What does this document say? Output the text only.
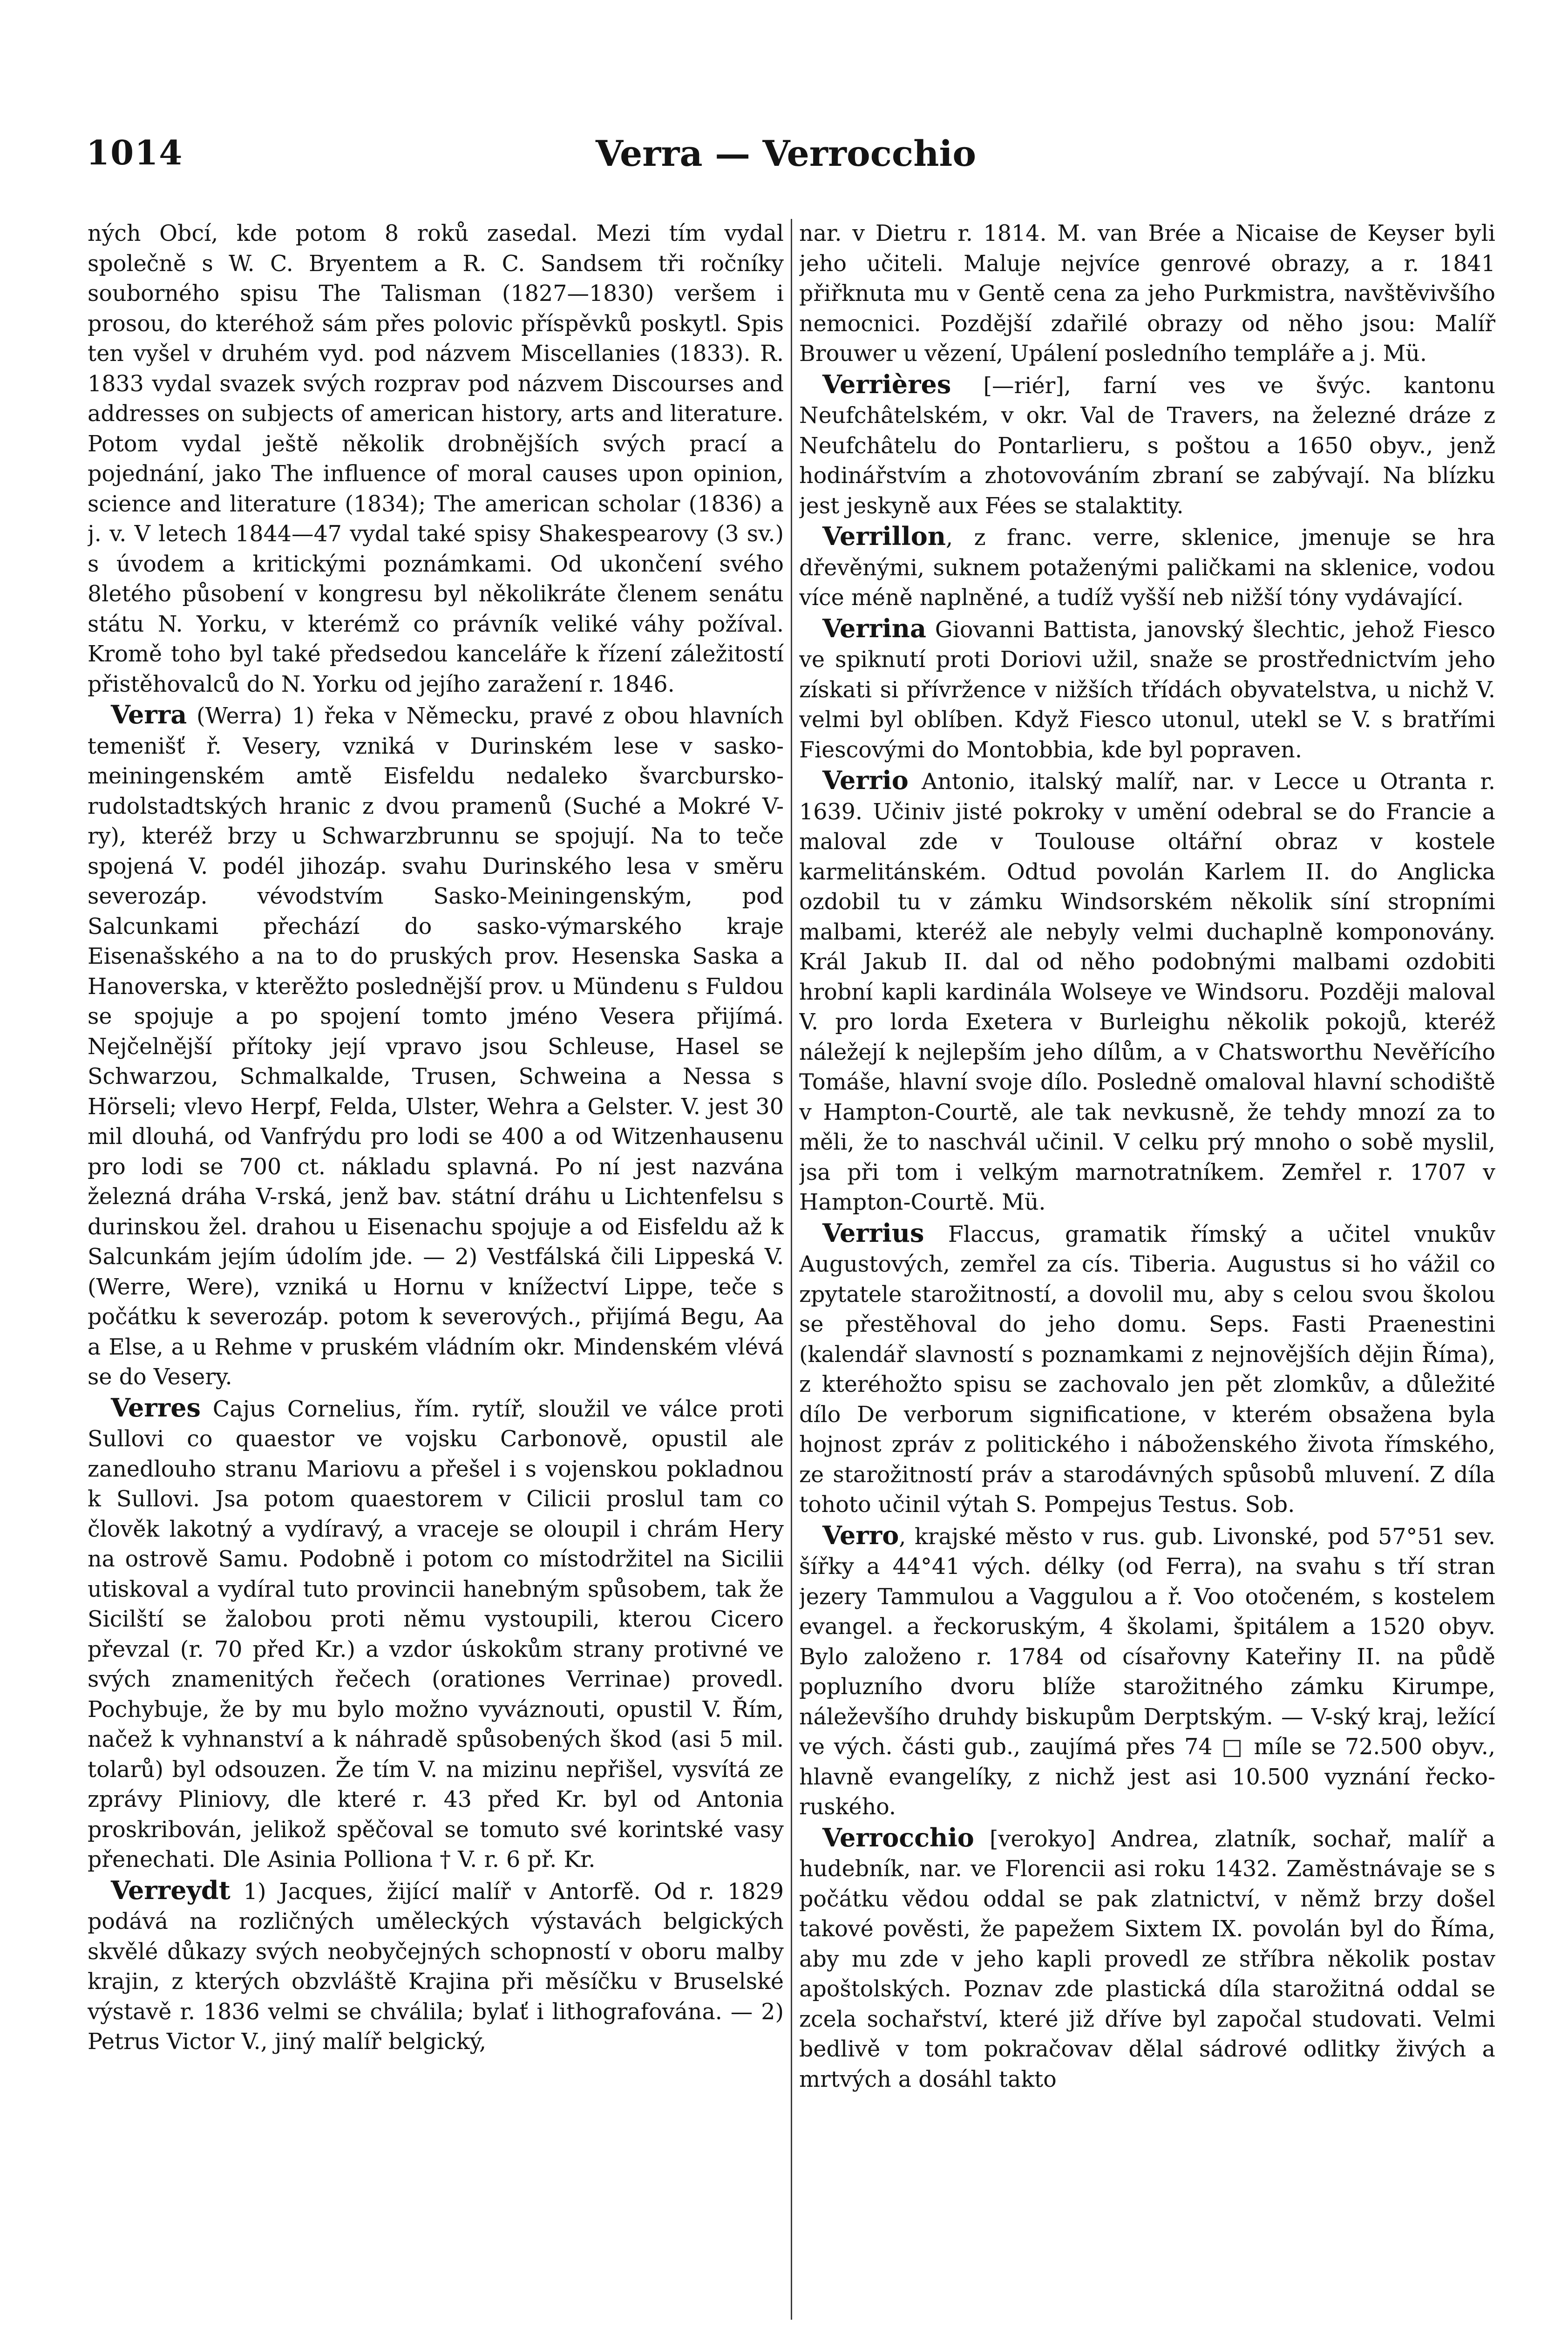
1014	Verra — Verrocchio

ných Obcí, kde potom 8 roků zasedal. Mezi tím vydal společně s W. C. Bryentem a R. C. Sandsem tři ročníky souborného spisu The Talisman (1827—1830) veršem i prosou, do kteréhož sám přes polovic příspěvků poskytl. Spis ten vyšel v druhém vyd. pod názvem Miscellanies (1833). R. 1833 vydal svazek svých rozprav pod názvem Discourses and addresses on subjects of american history, arts and literature. Potom vydal ještě několik drobnějších svých prací a pojednání, jako The influence of moral causes upon opinion, science and literature (1834); The american scholar (1836) a j. v. V letech 1844—47 vydal také spisy Shakespearovy (3 sv.) s úvodem a kritickými poznámkami. Od ukončení svého 8letého působení v kongresu byl několikráte členem senátu státu N. Yorku, v kterémž co právník veliké váhy požíval. Kromě toho byl také předsedou kanceláře k řízení záležitostí přistěhovalců do N. Yorku od jejího zaražení r. 1846.

Verra (Werra) 1) řeka v Německu, pravé z obou hlavních temenišť ř. Vesery, vzniká v Durinském lese v sasko-meiningenském amtě Eisfeldu nedaleko švarcbursko-rudolstadtských hranic z dvou pramenů (Suché a Mokré V-ry), kteréž brzy u Schwarzbrunnu se spojují. Na to teče spojená V. podél jihozáp. svahu Durinského lesa v směru severozáp. vévodstvím Sasko-Meiningenským, pod Salcunkami přechází do sasko-výmarského kraje Eisenašského a na to do pruských prov. Hesenska Saska a Hanoverska, v kterěžto poslednější prov. u Mündenu s Fuldou se spojuje a po spojení tomto jméno Vesera přijímá. Nejčelnější přítoky její vpravo jsou Schleuse, Hasel se Schwarzou, Schmalkalde, Trusen, Schweina a Nessa s Hörseli; vlevo Herpf, Felda, Ulster, Wehra a Gelster. V. jest 30 mil dlouhá, od Vanfrýdu pro lodi se 400 a od Witzenhausenu pro lodi se 700 ct. nákladu splavná. Po ní jest nazvána železná dráha V-rská, jenž bav. státní dráhu u Lichtenfelsu s durinskou žel. drahou u Eisenachu spojuje a od Eisfeldu až k Salcunkám jejím údolím jde. — 2) Vestfálská čili Lippeská V. (Werre, Were), vzniká u Hornu v knížectví Lippe, teče s počátku k severozáp. potom k severových., přijímá Begu, Aa a Else, a u Rehme v pruském vládním okr. Mindenském vlévá se do Vesery.

Verres Cajus Cornelius, řím. rytíř, sloužil ve válce proti Sullovi co quaestor ve vojsku Carbonově, opustil ale zanedlouho stranu Mariovu a přešel i s vojenskou pokladnou k Sullovi. Jsa potom quaestorem v Cilicii proslul tam co člověk lakotný a vydíravý, a vraceje se oloupil i chrám Hery na ostrově Samu. Podobně i potom co místodržitel na Sicilii utiskoval a vydíral tuto provincii hanebným spůsobem, tak že Sicilští se žalobou proti němu vystoupili, kterou Cicero převzal (r. 70 před Kr.) a vzdor úskokům strany protivné ve svých znamenitých řečech (orationes Verrinae) provedl. Pochybuje, že by mu bylo možno vyváznouti, opustil V. Řím, načež k vyhnanství a k náhradě spůsobených škod (asi 5 mil. tolarů) byl odsouzen. Že tím V. na mizinu nepřišel, vysvítá ze zprávy Pliniovy, dle které r. 43 před Kr. byl od Antonia proskribován, jelikož spěčoval se tomuto své korintské vasy přenechati. Dle Asinia Polliona † V. r. 6 př. Kr.

Verreydt 1) Jacques, žijící malíř v Antorfě. Od r. 1829 podává na rozličných uměleckých výstavách belgických skvělé důkazy svých neobyčejných schopností v oboru malby krajin, z kterých obzvláště Krajina při měsíčku v Bruselské výstavě r. 1836 velmi se chválila; bylať i lithografována. — 2) Petrus Victor V., jiný malíř belgický,

nar. v Dietru r. 1814. M. van Brée a Nicaise de Keyser byli jeho učiteli. Maluje nejvíce genrové obrazy, a r. 1841 přiřknuta mu v Gentě cena za jeho Purkmistra, navštěvivšího nemocnici. Pozdější zdařilé obrazy od něho jsou: Malíř Brouwer u vězení, Upálení posledního templáře a j. Mü.

Verrières [—riér], farní ves ve švýc. kantonu Neufchâtelském, v okr. Val de Travers, na železné dráze z Neufchâtelu do Pontarlieru, s poštou a 1650 obyv., jenž hodinářstvím a zhotovováním zbraní se zabývají. Na blízku jest jeskyně aux Fées se stalaktity.

Verrillon, z franc. verre, sklenice, jmenuje se hra dřevěnými, suknem potaženými paličkami na sklenice, vodou více méně naplněné, a tudíž vyšší neb nižší tóny vydávající.

Verrina Giovanni Battista, janovský šlechtic, jehož Fiesco ve spiknutí proti Doriovi užil, snaže se prostřednictvím jeho získati si přívržence v nižších třídách obyvatelstva, u nichž V. velmi byl oblíben. Když Fiesco utonul, utekl se V. s bratřími Fiescovými do Montobbia, kde byl popraven.

Verrio Antonio, italský malíř, nar. v Lecce u Otranta r. 1639. Učiniv jisté pokroky v umění odebral se do Francie a maloval zde v Toulouse oltářní obraz v kostele karmelitánském. Odtud povolán Karlem II. do Anglicka ozdobil tu v zámku Windsorském několik síní stropními malbami, kteréž ale nebyly velmi duchaplně komponovány. Král Jakub II. dal od něho podobnými malbami ozdobiti hrobní kapli kardinála Wolseye ve Windsoru. Později maloval V. pro lorda Exetera v Burleighu několik pokojů, kteréž náležejí k nejlepším jeho dílům, a v Chatsworthu Nevěřícího Tomáše, hlavní svoje dílo. Posledně omaloval hlavní schodiště v Hampton-Courtě, ale tak nevkusně, že tehdy mnozí za to měli, že to naschvál učinil. V celku prý mnoho o sobě myslil, jsa při tom i velkým marnotratníkem. Zemřel r. 1707 v Hampton-Courtě. Mü.

Verrius Flaccus, gramatik římský a učitel vnukův Augustových, zemřel za cís. Tiberia. Augustus si ho vážil co zpytatele starožitností, a dovolil mu, aby s celou svou školou se přestěhoval do jeho domu. Seps. Fasti Praenestini (kalendář slavností s poznamkami z nejnovějších dějin Říma), z kteréhožto spisu se zachovalo jen pět zlomkův, a důležité dílo De verborum significatione, v kterém obsažena byla hojnost zpráv z politického i náboženského života římského, ze starožitností práv a starodávných spůsobů mluvení. Z díla tohoto učinil výtah S. Pompejus Testus. Sob.

Verro, krajské město v rus. gub. Livonské, pod 57°51 sev. šířky a 44°41 vých. délky (od Ferra), na svahu s tří stran jezery Tammulou a Vaggulou a ř. Voo otočeném, s kostelem evangel. a řeckoruským, 4 školami, špitálem a 1520 obyv. Bylo založeno r. 1784 od císařovny Kateřiny II. na půdě popluzního dvoru blíže starožitného zámku Kirumpe, náleževšího druhdy biskupům Derptským. — V-ský kraj, ležící ve vých. části gub., zaujímá přes 74 □ míle se 72.500 obyv., hlavně evangelíky, z nichž jest asi 10.500 vyznání řecko-ruského.

Verrocchio [verokyo] Andrea, zlatník, sochař, malíř a hudebník, nar. ve Florencii asi roku 1432. Zaměstnávaje se s počátku vědou oddal se pak zlatnictví, v němž brzy došel takové pověsti, že papežem Sixtem IX. povolán byl do Říma, aby mu zde v jeho kapli provedl ze stříbra několik postav apoštolských. Poznav zde plastická díla starožitná oddal se zcela sochařství, které již dříve byl započal studovati. Velmi bedlivě v tom pokračovav dělal sádrové odlitky živých a mrtvých a dosáhl takto
